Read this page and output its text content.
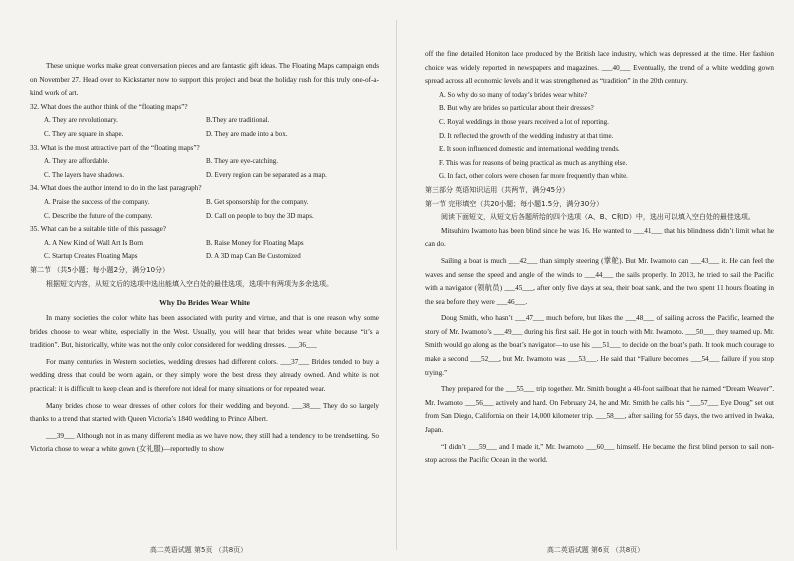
These unique works make great conversation pieces and are fantastic gift ideas. The Floating Maps campaign ends on November 27. Head over to Kickstarter now to support this project and beat the holiday rush for this truly one-of-a-kind work of art.

32. What does the author think of the “floating maps”?

A. They are revolutionary.	B.They are traditional.
C. They are square in shape.	D. They are made into a box.

33. What is the most attractive part of the “floating maps”?

A. They are affordable.	B. They are eye-catching.
C. The layers have shadows.	D. Every region can be separated as a map.

34. What does the author intend to do in the last paragraph?

A. Praise the success of the company.	B. Get sponsorship for the company.
C. Describe the future of the company.	D. Call on people to buy the 3D maps.

35. What can be a suitable title of this passage?

A. A New Kind of Wall Art Is Born	B. Raise Money for Floating Maps
C. Startup Creates Floating Maps	D. A 3D map Can Be Customized

第二节 （共5小题；每小题2分，满分10分）

根据短文内容，从短文后的选项中选出能填入空白处的最佳选项，选项中有两项为多余选项。

Why Do Brides Wear White

In many societies the color white has been associated with purity and virtue, and that is one reason why some brides choose to wear white, especially in the West. Usually, you will hear that brides wear white because “it’s a tradition”. But, historically, white was not the only color considered for wedding dresses. ___36___

For many centuries in Western societies, wedding dresses had different colors. ___37___ Brides tended to buy a wedding dress that could be worn again, or they simply wore the best dress they already owned. And white is not practical: it is difficult to keep clean and is therefore not ideal for many situations or for repeated wear.

Many brides chose to wear dresses of other colors for their wedding and beyond. ___38___ They do so largely thanks to a trend that started with Queen Victoria’s 1840 wedding to Prince Albert.

___39___ Although not in as many different media as we have now, they still had a tendency to be trendsetting. So Victoria chose to wear a white gown (女礼服)—reportedly to show

off the fine detailed Honiton lace produced by the British lace industry, which was depressed at the time. Her fashion choice was widely reported in newspapers and magazines. ___40___ Eventually, the trend of a white wedding gown spread across all economic levels and it was strengthened as “tradition” in the 20th century.

A. So why do so many of today’s brides wear white?

B. But why are brides so particular about their dresses?

C. Royal weddings in those years received a lot of reporting.

D. It reflected the growth of the wedding industry at that time.

E. It soon influenced domestic and international wedding trends.

F. This was for reasons of being practical as much as anything else.

G. In fact, other colors were chosen far more frequently than white.

第三部分 英语知识运用（共两节，满分45分）

第一节 完形填空（共20小题；每小题1.5分，满分30分）

阅读下面短文，从短文后各题所给的四个选项（A、B、C和D）中，选出可以填入空白处的最佳选项。

Mitsuhiro Iwamoto has been blind since he was 16. He wanted to ___41___ that his blindness didn’t limit what he can do.

Sailing a boat is much ___42___ than simply steering (掌舵). But Mr. Iwamoto can ___43___ it. He can feel the waves and sense the speed and angle of the winds to ___44___ the sails properly. In 2013, he tried to sail the Pacific with a navigator (领航员) ___45___, after only five days at sea, their boat sank, and the two spent 11 hours floating in the sea before they were ___46___.

Doug Smith, who hasn’t ___47___ much before, but likes the ___48___ of sailing across the Pacific, learned the story of Mr. Iwamoto’s ___49___ during his first sail. He got in touch with Mr. Iwamoto. ___50___ they teamed up. Mr. Smith would go along as the boat’s navigator—to use his ___51___ to decide on the boat’s path. It took much courage to make a second ___52___, but Mr. Iwamoto was ___53___. He said that “Failure becomes ___54___ failure if you stop trying.”

They prepared for the ___55___ trip together. Mr. Smith bought a 40-foot sailboat that he named “Dream Weaver”. Mr. Iwamoto ___56___ actively and hard. On February 24, he and Mr. Smith he calls his “___57___ Eye Doug” set out from San Diego, California on their 14,000 kilometer trip. ___58___, after sailing for 55 days, the two arrived in Iwaka, Japan.

“I didn’t ___59___ and I made it,” Mr. Iwamoto ___60___ himself. He became the first blind person to sail non-stop across the Pacific Ocean in the world.

高二英语试题 第5页 （共8页）	高二英语试题 第6页 （共8页）
